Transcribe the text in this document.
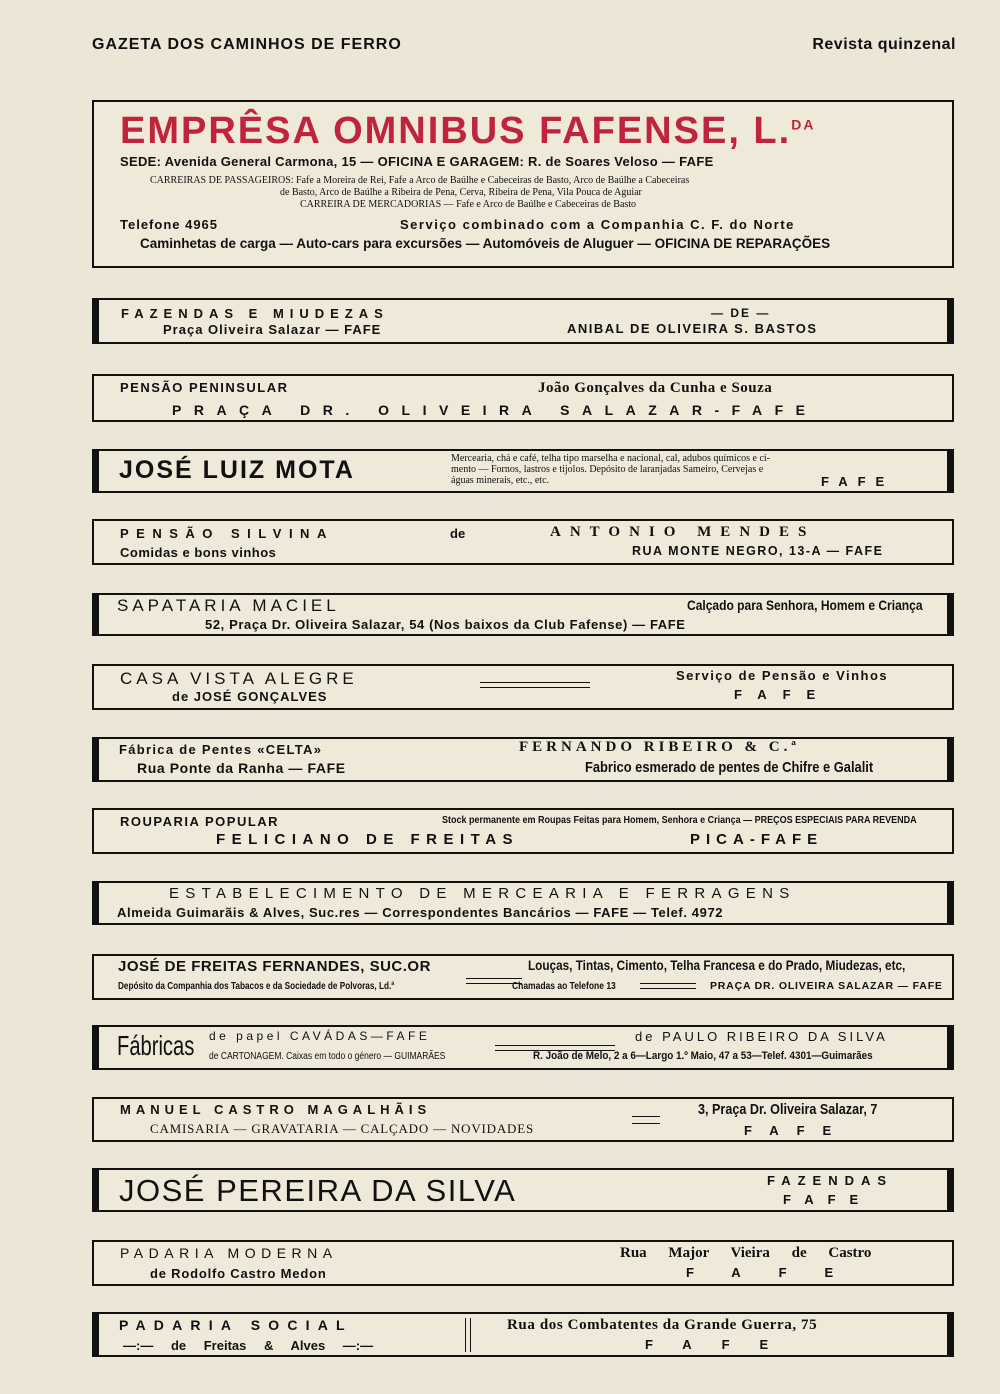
GAZETA DOS CAMINHOS DE FERRO	Revista quinzenal
EMPRÊSA OMNIBUS FAFENSE, L.$^{DA}$
SEDE: Avenida General Carmona, 15 — OFICINA E GARAGEM: R. de Soares Veloso — FAFE
CARREIRAS DE PASSAGEIROS: Fafe a Moreira de Rei, Fafe a Arco de Baúlhe e Cabeceiras de Basto, Arco de Baúlhe a Cabeceiras
de Basto, Arco de Baúlhe a Ribeira de Pena, Cerva, Ribeira de Pena, Vila Pouca de Aguiar
CARREIRA DE MERCADORIAS — Fafe e Arco de Baúlhe e Cabeceiras de Basto
Telefone 4965	Serviço combinado com a Companhia C. F. do Norte
Caminhetas de carga — Auto-cars para excursões — Automóveis de Aluguer — OFICINA DE REPARAÇÕES
FAZENDAS E MIUDEZAS
Praça Oliveira Salazar — FAFE
— DE —
ANIBAL DE OLIVEIRA S. BASTOS
PENSÃO PENINSULAR	João Gonçalves da Cunha e Souza
PRAÇA DR. OLIVEIRA SALAZAR-FAFE
JOSÉ LUIZ MOTA	Mercearia, chá e café, telha tipo marselha e nacional, cal, adubos químicos e ci-
mento — Fornos, lastros e tijolos. Depósito de laranjadas Sameiro, Cervejas e
águas minerais, etc., etc.	FAFE
PENSÃO SILVINA	de
Comidas e bons vinhos
ANTONIO MENDES
RUA MONTE NEGRO, 13-A — FAFE
SAPATARIA MACIEL	Calçado para Senhora, Homem e Criança
52, Praça Dr. Oliveira Salazar, 54 (Nos baixos da Club Fafense) — FAFE
CASA VISTA ALEGRE
de JOSÉ GONÇALVES
Serviço de Pensão e Vinhos
FAFE
Fábrica de Pentes «CELTA»
Rua Ponte da Ranha — FAFE
FERNANDO RIBEIRO & C.ª
Fabrico esmerado de pentes de Chifre e Galalit
ROUPARIA POPULAR	Stock permanente em Roupas Feitas para Homem, Senhora e Criança — PREÇOS ESPECIAIS PARA REVENDA
FELICIANO DE FREITAS	PICA-FAFE
ESTABELECIMENTO DE MERCEARIA E FERRAGENS
Almeida Guimarãis & Alves, Suc.res — Correspondentes Bancários — FAFE — Telef. 4972
JOSÉ DE FREITAS FERNANDES, SUC.OR
Depósito da Companhia dos Tabacos e da Sociedade de Polvoras, Ld.ª
Louças, Tintas, Cimento, Telha Francesa e do Prado, Miudezas, etc,
Chamadas ao Telefone 13	PRAÇA DR. OLIVEIRA SALAZAR — FAFE
Fábricas de papel CAVÁDAS—FAFE
de CARTONAGEM. Caixas em todo o género — GUIMARÃES
de PAULO RIBEIRO DA SILVA
R. João de Melo, 2 a 6—Largo 1.º Maio, 47 a 53—Telef. 4301—Guimarães
MANUEL CASTRO MAGALHÃIS
CAMISARIA — GRAVATARIA — CALÇADO — NOVIDADES
3, Praça Dr. Oliveira Salazar, 7
FAFE
JOSÉ PEREIRA DA SILVA	FAZENDAS
FAFE
PADARIA MODERNA
de Rodolfo Castro Medon
Rua Major Vieira de Castro
FAFE
PADARIA SOCIAL
—:— de Freitas & Alves —:—
Rua dos Combatentes da Grande Guerra, 75
FAFE
